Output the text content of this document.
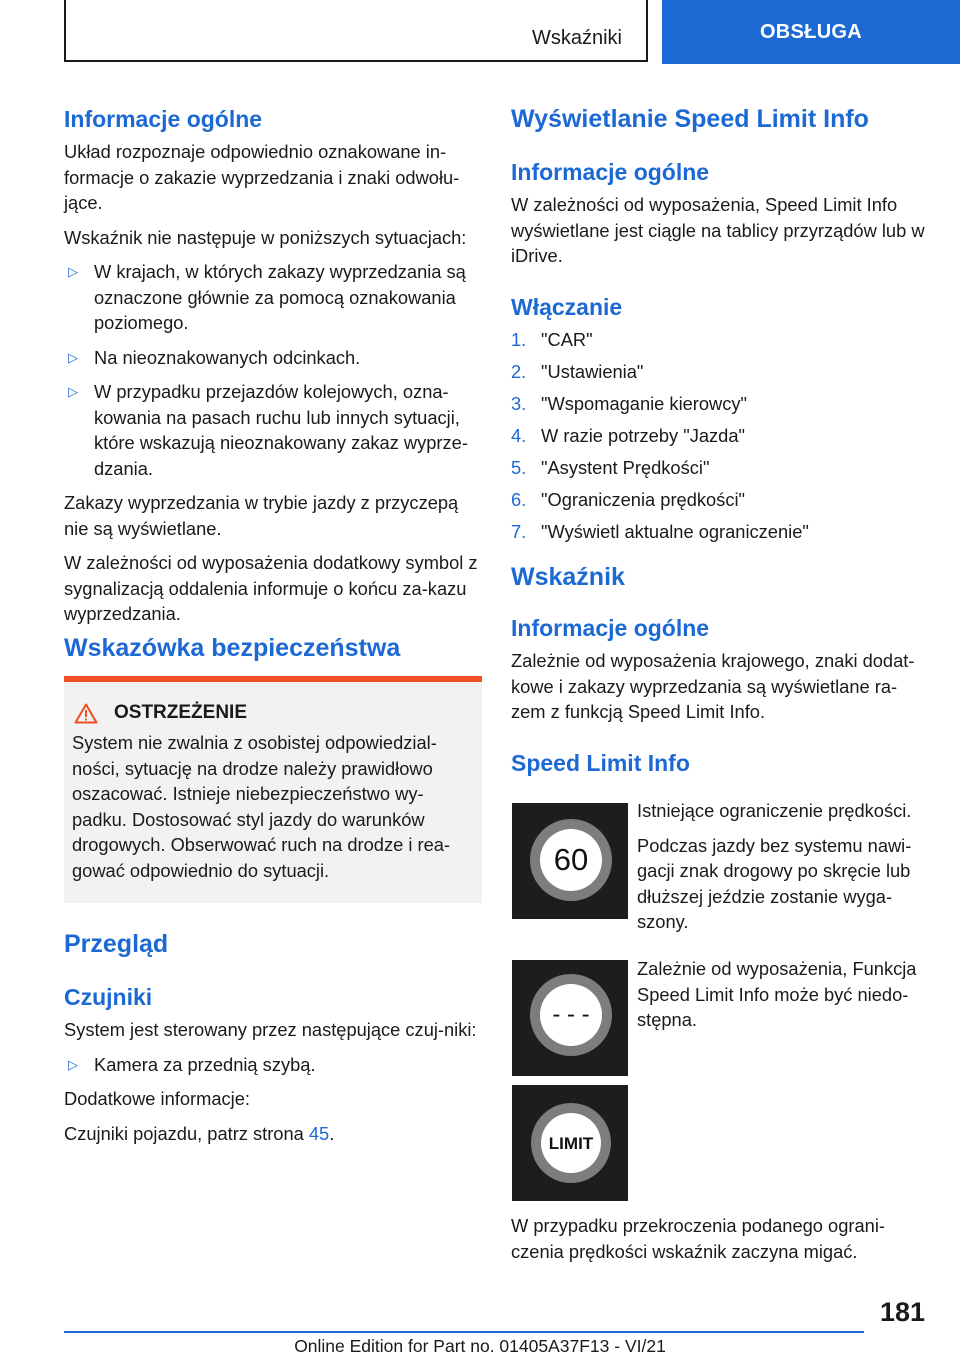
Wskaźniki	OBSŁUGA
Informacje ogólne

Układ rozpoznaje odpowiednio oznakowane in-formacje o zakazie wyprzedzania i znaki odwołu-jące.

Wskaźnik nie następuje w poniższych sytuacjach:

▷ W krajach, w których zakazy wyprzedzania są oznaczone głównie za pomocą oznakowania poziomego.
▷ Na nieoznakowanych odcinkach.
▷ W przypadku przejazdów kolejowych, ozna-kowania na pasach ruchu lub innych sytuacji, które wskazują nieoznakowany zakaz wyprze-dzania.

Zakazy wyprzedzania w trybie jazdy z przyczepą nie są wyświetlane.

W zależności od wyposażenia dodatkowy symbol z sygnalizacją oddalenia informuje o końcu za-kazu wyprzedzania.

Wskazówka bezpieczeństwa
OSTRZEŻENIE

System nie zwalnia z osobistej odpowiedzial-ności, sytuację na drodze należy prawidłowo oszacować. Istnieje niebezpieczeństwo wy-padku. Dostosować styl jazdy do warunków drogowych. Obserwować ruch na drodze i rea-gować odpowiednio do sytuacji.

Przegląd
Czujniki

System jest sterowany przez następujące czuj-niki:

▷ Kamera za przednią szybą.

Dodatkowe informacje:

Czujniki pojazdu, patrz strona 45.

Wyświetlanie Speed Limit Info
Informacje ogólne

W zależności od wyposażenia, Speed Limit Info wyświetlane jest ciągle na tablicy przyrządów lub w iDrive.

Włączanie
1. "CAR"
2. "Ustawienia"
3. "Wspomaganie kierowcy"
4. W razie potrzeby "Jazda"
5. "Asystent Prędkości"
6. "Ograniczenia prędkości"
7. "Wyświetl aktualne ograniczenie"
Wskaźnik
Informacje ogólne

Zależnie od wyposażenia krajowego, znaki dodat-kowe i zakazy wyprzedzania są wyświetlane ra-zem z funkcją Speed Limit Info.

Speed Limit Info
60
- - -
LIMIT

Istniejące ograniczenie prędkości.

Podczas jazdy bez systemu nawi-gacji znak drogowy po skręcie lub dłuższej jeździe zostanie wyga-szony.

Zależnie od wyposażenia, Funkcja Speed Limit Info może być niedo-stępna.

W przypadku przekroczenia podanego ograni-czenia prędkości wskaźnik zaczyna migać.

181
Online Edition for Part no. 01405A37F13 - VI/21
